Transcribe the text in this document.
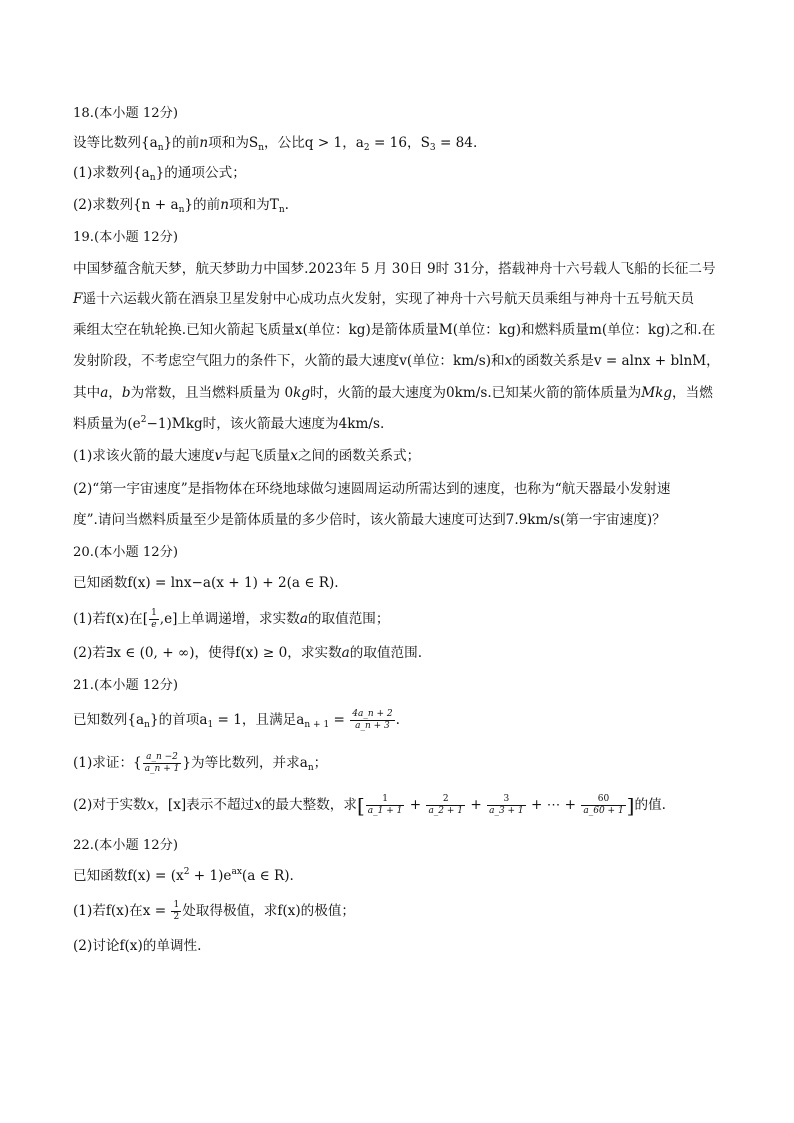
18.(本小题 12分)
设等比数列$\{a_n\}$的前n项和为$S_n$，公比q > 1，$a_2 = 16$，$S_3 = 84$.
(1)求数列$\{a_n\}$的通项公式；
(2)求数列$\{n + a_n\}$的前n项和为$T_n$.
19.(本小题 12分)
中国梦蕴含航天梦，航天梦助力中国梦.2023年 5 月 30日 9时 31分，搭载神舟十六号载人飞船的长征二号
F遥十六运载火箭在酒泉卫星发射中心成功点火发射，实现了神舟十六号航天员乘组与神舟十五号航天员
乘组太空在轨轮换.已知火箭起飞质量x(单位：kg)是箭体质量M(单位：kg)和燃料质量m(单位：kg)之和.在
发射阶段，不考虑空气阻力的条件下，火箭的最大速度v(单位：km/s)和x的函数关系是v = alnx + blnM，
其中a，b为常数，且当燃料质量为 0kg时，火箭的最大速度为0km/s.已知某火箭的箭体质量为Mkg，当燃
料质量为$(e^2-1)Mkg$时，该火箭最大速度为4km/s.
(1)求该火箭的最大速度v与起飞质量x之间的函数关系式；
(2)“第一宇宙速度”是指物体在环绕地球做匀速圆周运动所需达到的速度，也称为“航天器最小发射速
度”.请问当燃料质量至少是箭体质量的多少倍时，该火箭最大速度可达到7.9km/s(第一宇宙速度)？
20.(本小题 12分)
已知函数f(x) = lnx−a(x + 1) + 2(a ∈ R).
(1)若f(x)在[ $\frac{1}{e} ,e$]上单调递增，求实数a的取值范围；
(2)若∃x ∈ (0, + ∞)，使得f(x) ≥ 0，求实数a的取值范围.
21.(本小题 12分)
已知数列$\{a_n\}$的首项$a_1 = 1$，且满足$a_{n + 1} = \frac{4a\_n + 2}{a\_n + 3}$ .
(1)求证：{ $\frac{a\_n -2}{a\_n + 1}$ }为等比数列，并求$a_n$；
(2)对于实数x，[x]表示不超过x的最大整数，求[ $\frac{1}{a\_1 + 1} + \frac{2}{a\_2 + 1} + \frac{3}{a\_3 + 1}$ + ⋯ + $\frac{60}{a\_60 + 1}$ ]的值.
22.(本小题 12分)
已知函数$f(x) = (x^2 + 1)e^{ax}(a$ ∈ R).
(1)若f(x)在$x = \frac{1}{2}$ 处取得极值，求f(x)的极值；
(2)讨论f(x)的单调性.
